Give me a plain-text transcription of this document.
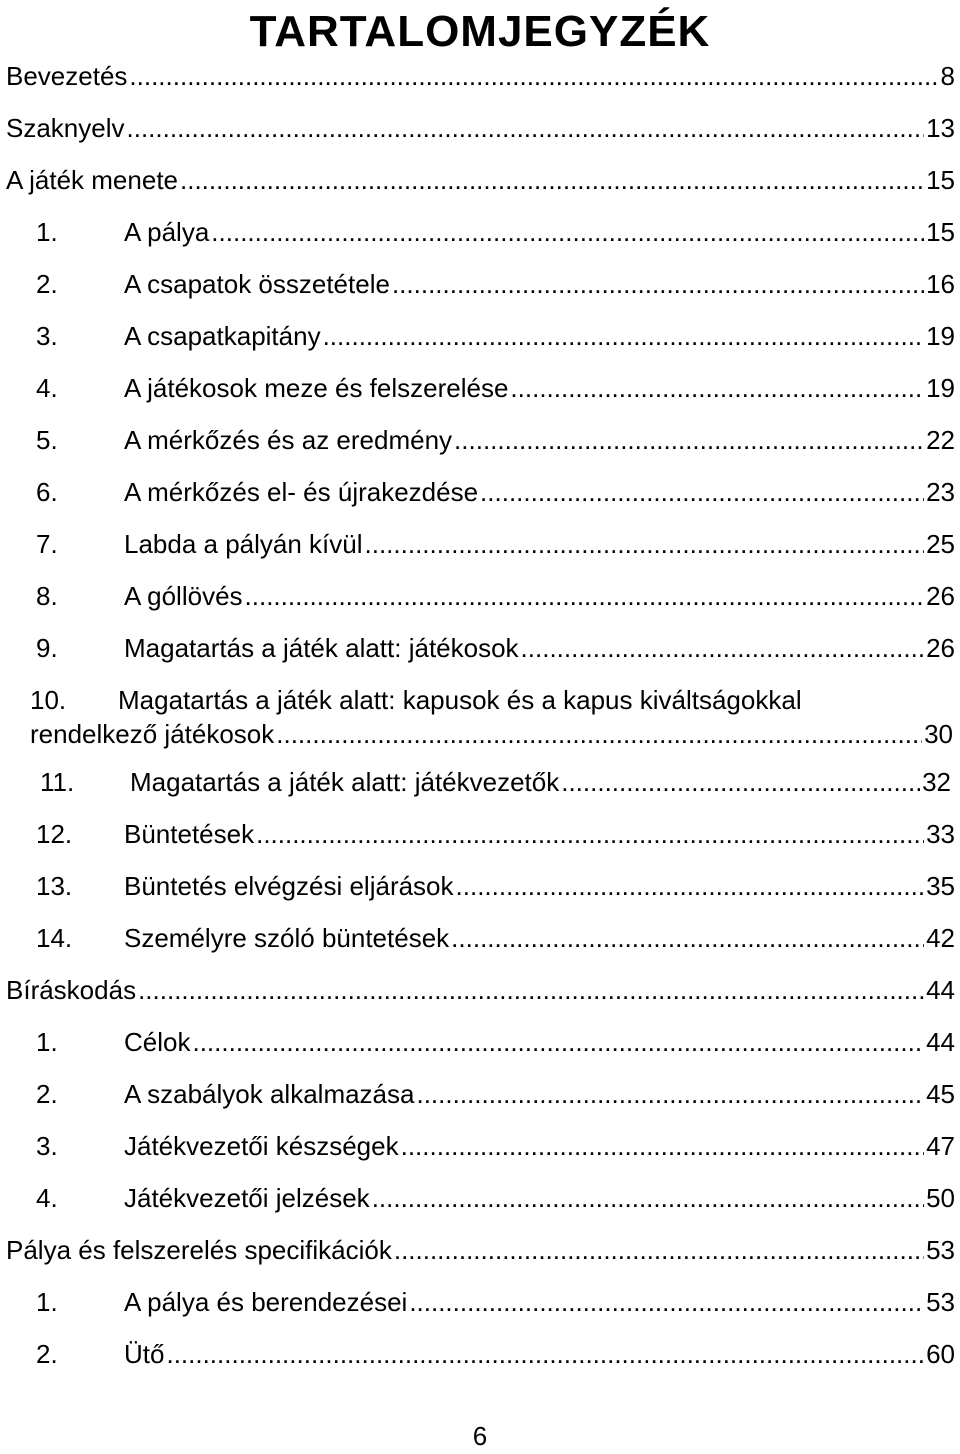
TARTALOMJEGYZÉK
Bevezetés .....	8
Szaknyelv .....	13
A játék menete .....	15
1.	A pálya .....	15
2.	A csapatok összetétele .....	16
3.	A csapatkapitány .....	19
4.	A játékosok meze és felszerelése .....	19
5.	A mérkőzés és az eredmény .....	22
6.	A mérkőzés el- és újrakezdése .....	23
7.	Labda a pályán kívül .....	25
8.	A góllövés .....	26
9.	Magatartás a játék alatt: játékosok .....	26
10. Magatartás a játék alatt: kapusok és a kapus kiváltságokkal
rendelkező játékosok .....	30
11. Magatartás a játék alatt: játékvezetők .....	32
12. Büntetések .....	33
13. Büntetés elvégzési eljárások .....	35
14. Személyre szóló büntetések .....	42
Bíráskodás .....	44
1.	Célok .....	44
2.	A szabályok alkalmazása .....	45
3.	Játékvezetői készségek .....	47
4.	Játékvezetői jelzések .....	50
Pálya és felszerelés specifikációk .....	53
1.	A pálya és berendezései .....	53
2.	Ütő .....	60
6
